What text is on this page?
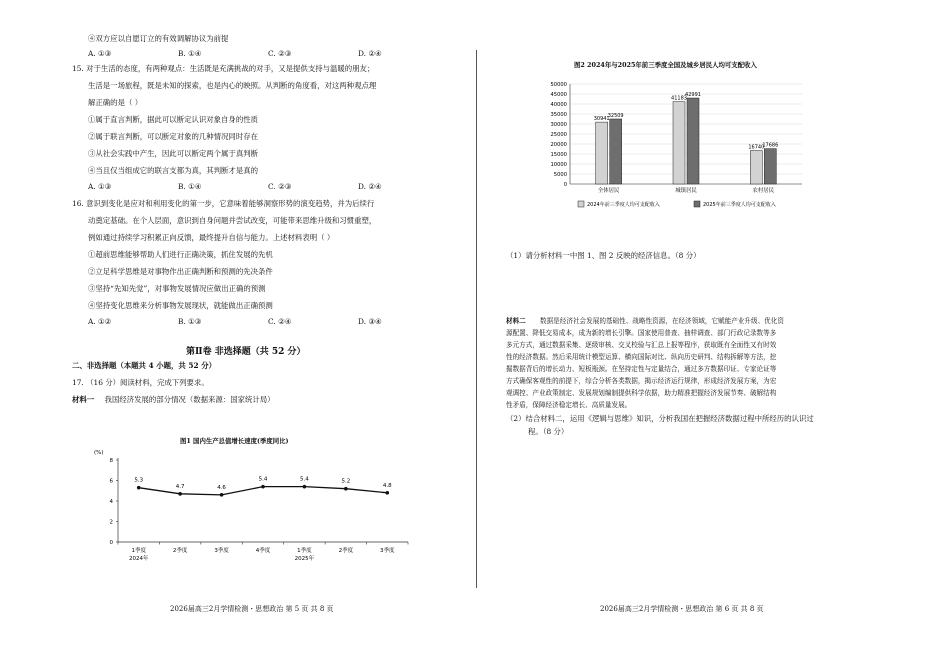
④双方应以自愿订立的有效调解协议为前提
A. ①③	B. ①④	C. ②③	D. ②④
15. 对于生活的态度，有两种观点：生活既是充满挑战的对手，又是提供支持与温暖的朋友；
生活是一场旅程，既是未知的探索，也是内心的映照。从判断的角度看，对这两种观点理
解正确的是（ ）
①属于直言判断，据此可以断定认识对象自身的性质
②属于联言判断，可以断定对象的几种情况同时存在
③从社会实践中产生，因此可以断定两个属于真判断
④当且仅当组成它的联言支都为真，其判断才是真的
A. ①③	B. ①④	C. ②③	D. ②④
16. 意识到变化是应对和利用变化的第一步，它意味着能够洞察形势的演变趋势，并为后续行
动奠定基础。在个人层面，意识到自身问题并尝试改变，可能带来思维升级和习惯重塑，
例如通过持续学习积累正向反馈，最终提升自信与能力。上述材料表明（ ）
①超前思维能够帮助人们进行正确决策，抓住发展的先机
②立足科学思维是对事物作出正确判断和预测的先决条件
③坚持“先知先觉”，对事物发展情况应做出正确的预测
④坚持变化思维来分析事物发展现状，就能做出正确预测
A. ①②	B. ①③	C. ②④	D. ③④
第Ⅱ卷 非选择题（共 52 分）
二、非选择题（本题共 4 小题，共 52 分）
17. （16 分）阅读材料，完成下列要求。
材料一 我国经济发展的部分情况（数据来源：国家统计局）
图1 国内生产总值增长速度(季度同比)
(%)
0
2
4
6
8
5.3
4.7	4.6
5.4	5.4	5.2
4.8
1季度	2季度	3季度	4季度	1季度	2季度	3季度
2024年	2025年
2026届高三2月学情检测・思想政治 第 5 页 共 8 页
图2 2024年与2025年前三季度全国及城乡居民人均可支配收入
0
5000
10000
15000
20000
25000
30000
35000
40000
45000
50000
30941
32509
全体居民
41183
42991
城镇居民
16740
17686
农村居民
2024年前三季度人均可支配收入	2025年前三季度人均可支配收入
（1）请分析材料一中图 1、图 2 反映的经济信息。（8 分）
材料二 数据是经济社会发展的基础性、战略性资源，在经济领域，它赋能产业升级、优化资
源配置、降低交易成本，成为新的增长引擎。国家使用普查、抽样调查、部门行政记录数等多
多元方式，通过数据采集、逐级审核、交叉校验与汇总上报等程序，获取既有全面性又有时效
性的经济数据。然后采用统计模型运算、横向国际对比、纵向历史研判、结构拆解等方法，挖
掘数据背后的增长动力、短板瓶颈。在坚持定性与定量结合，通过多方数据印证、专家论证等
方式确保客观性的前提下，综合分析各类数据，揭示经济运行规律，形成经济发展方案，为宏
观调控、产业政策制定、发展规划编制提供科学依据，助力精准把握经济发展节奏、破解结构
性矛盾，保障经济稳定增长、高质量发展。
（2）结合材料二，运用《逻辑与思维》知识，分析我国在把握经济数据过程中所经历的认识过
程。（8 分）
2026届高三2月学情检测・思想政治 第 6 页 共 8 页
